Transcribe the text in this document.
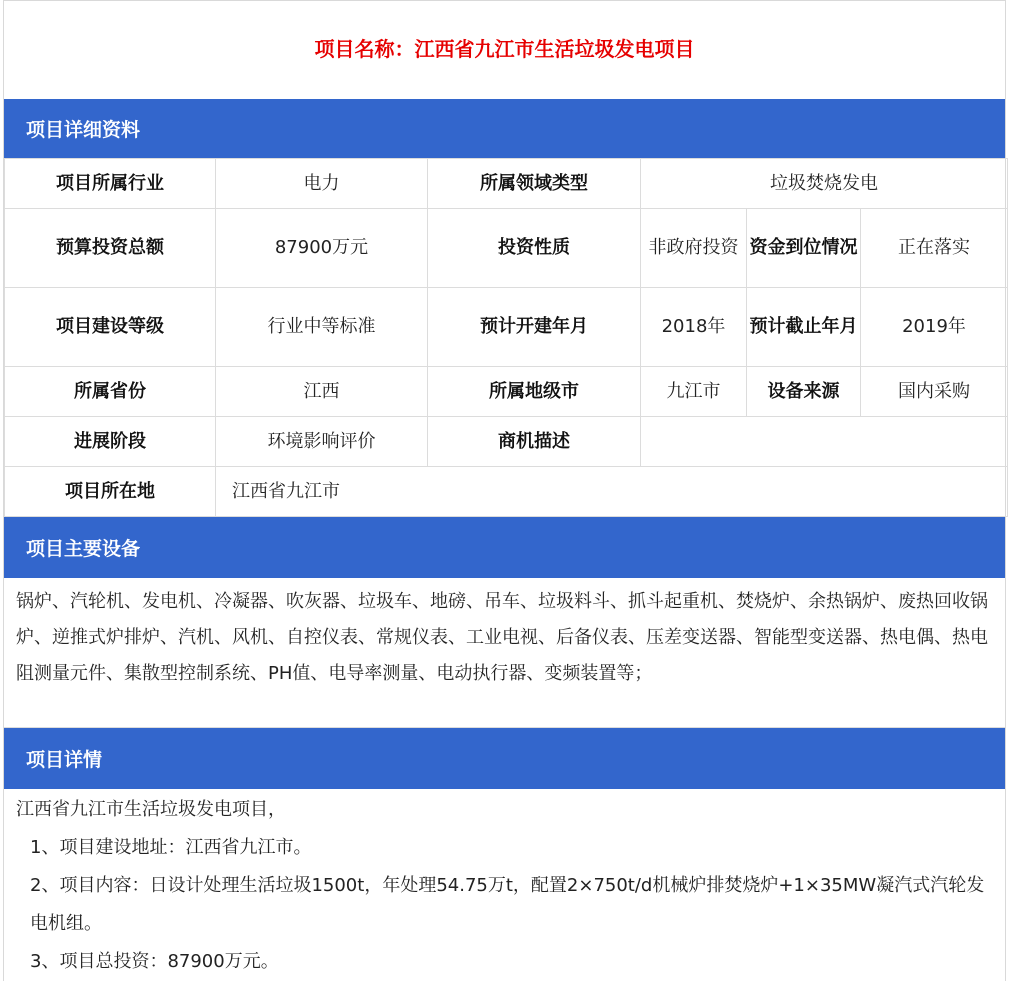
项目名称：江西省九江市生活垃圾发电项目
项目详细资料
项目所属行业	电力	所属领域类型	垃圾焚烧发电		
预算投资总额	87900万元	投资性质	非政府投资	资金到位情况	正在落实
项目建设等级	行业中等标准	预计开建年月	2018年	预计截止年月	2019年
所属省份	江西	所属地级市	九江市	设备来源	国内采购
进展阶段	环境影响评价	商机描述			
项目所在地	江西省九江市				
项目主要设备
锅炉、汽轮机、发电机、冷凝器、吹灰器、垃圾车、地磅、吊车、垃圾料斗、抓斗起重机、焚烧炉、余热锅炉、废热回收锅炉、逆推式炉排炉、汽机、风机、自控仪表、常规仪表、工业电视、后备仪表、压差变送器、智能型变送器、热电偶、热电阻测量元件、集散型控制系统、PH值、电导率测量、电动执行器、变频装置等；
项目详情
江西省九江市生活垃圾发电项目，
1、项目建设地址：江西省九江市。
2、项目内容：日设计处理生活垃圾1500t，年处理54.75万t，配置2×750t/d机械炉排焚烧炉+1×35MW凝汽式汽轮发电机组。
3、项目总投资：87900万元。
